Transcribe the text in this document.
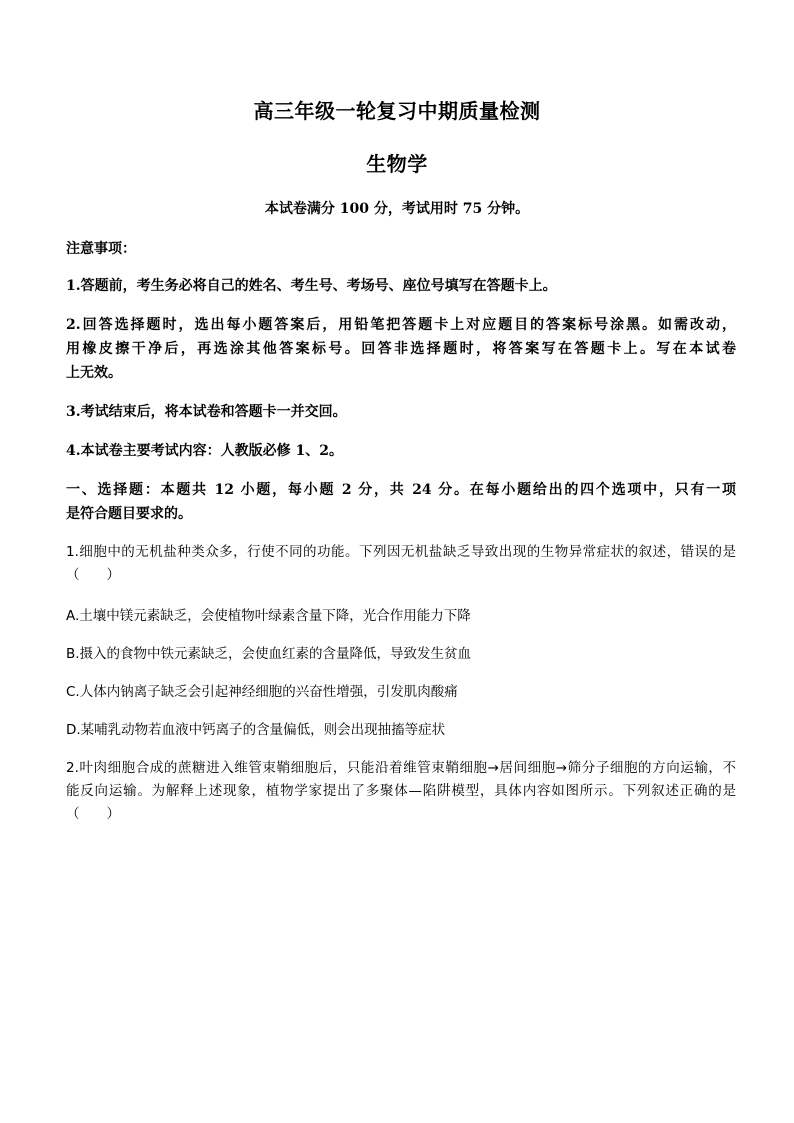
高三年级一轮复习中期质量检测
生物学
本试卷满分 100 分，考试用时 75 分钟。
注意事项：
1.答题前，考生务必将自己的姓名、考生号、考场号、座位号填写在答题卡上。
2.回答选择题时，选出每小题答案后，用铅笔把答题卡上对应题目的答案标号涂黑。如需改动，
用橡皮擦干净后，再选涂其他答案标号。回答非选择题时，将答案写在答题卡上。写在本试卷
上无效。
3.考试结束后，将本试卷和答题卡一并交回。
4.本试卷主要考试内容：人教版必修 1、2。
一、选择题：本题共 12 小题，每小题 2 分，共 24 分。在每小题给出的四个选项中，只有一项
是符合题目要求的。
1.细胞中的无机盐种类众多，行使不同的功能。下列因无机盐缺乏导致出现的生物异常症状的叙述，错误的是
（　　）
A.土壤中镁元素缺乏，会使植物叶绿素含量下降，光合作用能力下降
B.摄入的食物中铁元素缺乏，会使血红素的含量降低，导致发生贫血
C.人体内钠离子缺乏会引起神经细胞的兴奋性增强，引发肌肉酸痛
D.某哺乳动物若血液中钙离子的含量偏低，则会出现抽搐等症状
2.叶肉细胞合成的蔗糖进入维管束鞘细胞后，只能沿着维管束鞘细胞→居间细胞→筛分子细胞的方向运输，不
能反向运输。为解释上述现象，植物学家提出了多聚体—陷阱模型，具体内容如图所示。下列叙述正确的是
（　　）
